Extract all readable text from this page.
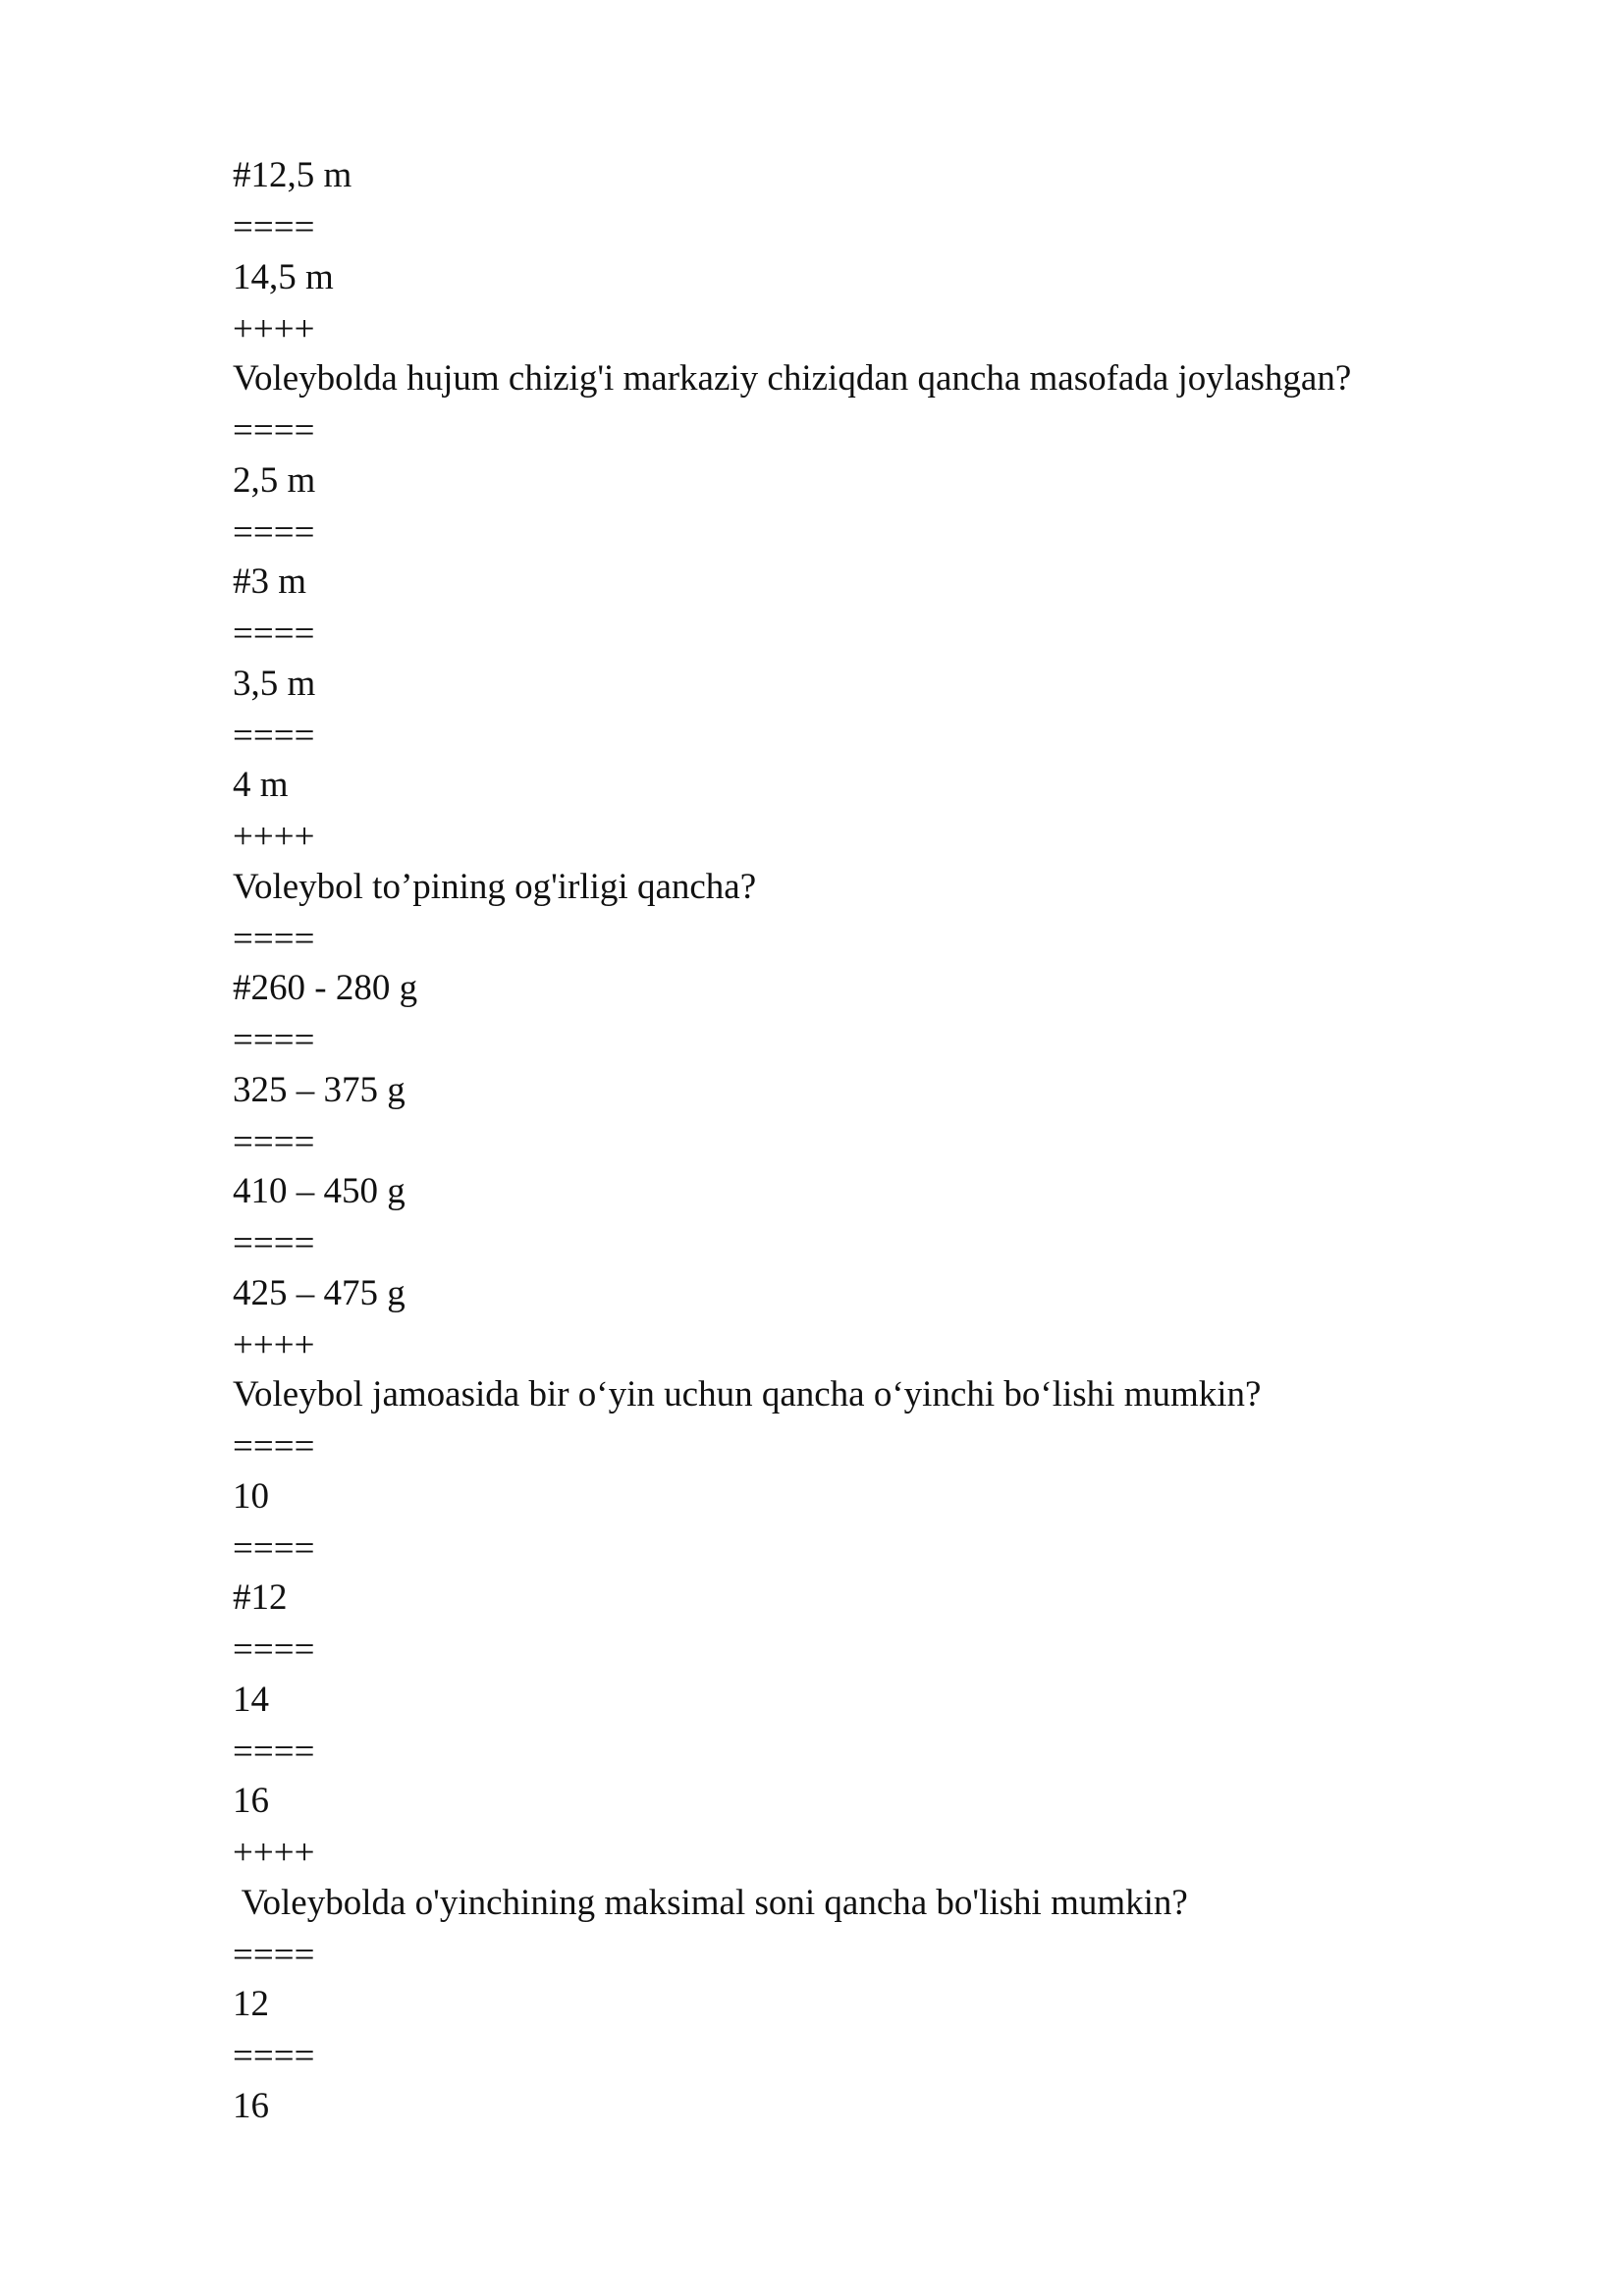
#12,5 m
====
14,5 m
++++
Voleybolda hujum chizig'i markaziy chiziqdan qancha masofada joylashgan?
====
2,5 m
====
#3 m
====
3,5 m
====
4 m
++++
Voleybol to’pining og'irligi qancha?
====
#260 - 280 g
====
325 – 375 g
====
410 – 450 g
====
425 – 475 g
++++
Voleybol jamoasida bir o‘yin uchun qancha o‘yinchi bo‘lishi mumkin?
====
10
====
#12
====
14
====
16
++++
Voleybolda o'yinchining maksimal soni qancha bo'lishi mumkin?
====
12
====
16
